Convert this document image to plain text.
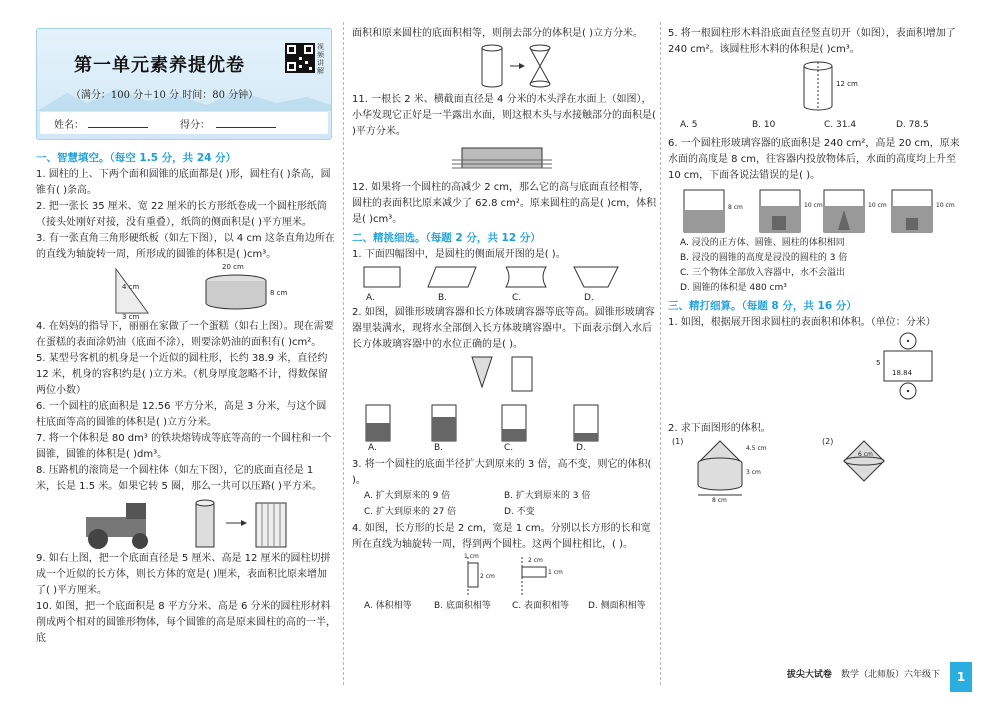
第一单元素养提优卷
（满分：100 分＋10 分 时间：80 分钟）
视频讲解
姓名：	得分：
一、智慧填空。（每空 1.5 分，共 24 分）

1. 圆柱的上、下两个面和圆锥的底面都是( )形，圆柱有( )条高，圆锥有( )条高。

2. 把一张长 35 厘米、宽 22 厘米的长方形纸卷成一个圆柱形纸筒（接头处刚好对接，没有重叠），纸筒的侧面积是( )平方厘米。

3. 有一张直角三角形硬纸板（如左下图），以 4 cm 这条直角边所在的直线为轴旋转一周，所形成的圆锥的体积是( )cm³。

4 cm
3 cm
20 cm
8 cm

4. 在妈妈的指导下，丽丽在家做了一个蛋糕（如右上图）。现在需要在蛋糕的表面涂奶油（底面不涂），则要涂奶油的面积有( )cm²。

5. 某型号客机的机身是一个近似的圆柱形，长约 38.9 米，直径约 12 米，机身的容积约是( )立方米。（机身厚度忽略不计，得数保留两位小数）

6. 一个圆柱的底面积是 12.56 平方分米，高是 3 分米，与这个圆柱底面等高的圆锥的体积是( )立方分米。

7. 将一个体积是 80 dm³ 的铁块熔铸成等底等高的一个圆柱和一个圆锥，圆锥的体积是( )dm³。

8. 压路机的滚筒是一个圆柱体（如左下图），它的底面直径是 1 米，长是 1.5 米。如果它转 5 圈，那么一共可以压路( )平方米。

9. 如右上图，把一个底面直径是 5 厘米、高是 12 厘米的圆柱切拼成一个近似的长方体，则长方体的宽是( )厘米，表面积比原来增加了( )平方厘米。

10. 如图，把一个底面积是 8 平方分米、高是 6 分米的圆柱形材料削成两个相对的圆锥形物体，每个圆锥的高是原来圆柱的高的一半，底

面积和原来圆柱的底面积相等，则削去部分的体积是( )立方分米。

11. 一根长 2 米、横截面直径是 4 分米的木头浮在水面上（如图），小华发现它正好是一半露出水面，则这根木头与水接触部分的面积是( )平方分米。

12. 如果将一个圆柱的高减少 2 cm，那么它的高与底面直径相等，圆柱的表面积比原来减少了 62.8 cm²。原来圆柱的高是( )cm，体积是( )cm³。

二、精挑细选。（每题 2 分，共 12 分）

1. 下面四幅图中，是圆柱的侧面展开图的是( )。

A.	B.	C.	D.

2. 如图，圆锥形玻璃容器和长方体玻璃容器等底等高。圆锥形玻璃容器里装满水，现将水全部倒入长方体玻璃容器中。下面表示倒入水后长方体玻璃容器中的水位正确的是( )。

A.	B.	C.	D.

3. 将一个圆柱的底面半径扩大到原来的 3 倍，高不变，则它的体积( )。

A. 扩大到原来的 9 倍	B. 扩大到原来的 3 倍
C. 扩大到原来的 27 倍	D. 不变

4. 如图，长方形的长是 2 cm，宽是 1 cm。分别以长方形的长和宽所在直线为轴旋转一周，得到两个圆柱。这两个圆柱相比，( )。

1 cm
2 cm
1 cm
2 cm
A. 体积相等 B. 底面积相等 C. 表面积相等 D. 侧面积相等

5. 将一根圆柱形木料沿底面直径竖直切开（如图），表面积增加了 240 cm²。该圆柱形木料的体积是( )cm³。

12 cm
A. 5	B. 10	C. 31.4	D. 78.5

6. 一个圆柱形玻璃容器的底面积是 240 cm²，高是 20 cm，原来水面的高度是 8 cm，往容器内投放物体后，水面的高度均上升至 10 cm，下面各说法错误的是( )。

8 cm	10 cm	10 cm	10 cm
A. 浸没的正方体、圆锥、圆柱的体积相同
B. 浸没的圆锥的高度是浸没的圆柱的 3 倍
C. 三个物体全部放入容器中，水不会溢出
D. 圆锥的体积是 480 cm³
三、精打细算。（每题 8 分，共 16 分）

1. 如图，根据展开图求圆柱的表面积和体积。（单位：分米）

5
18.84

2. 求下面图形的体积。

(1)
4.5 cm
3 cm
8 cm
(2)
6 cm
拔尖大试卷 数学（北师版）六年级下	1
